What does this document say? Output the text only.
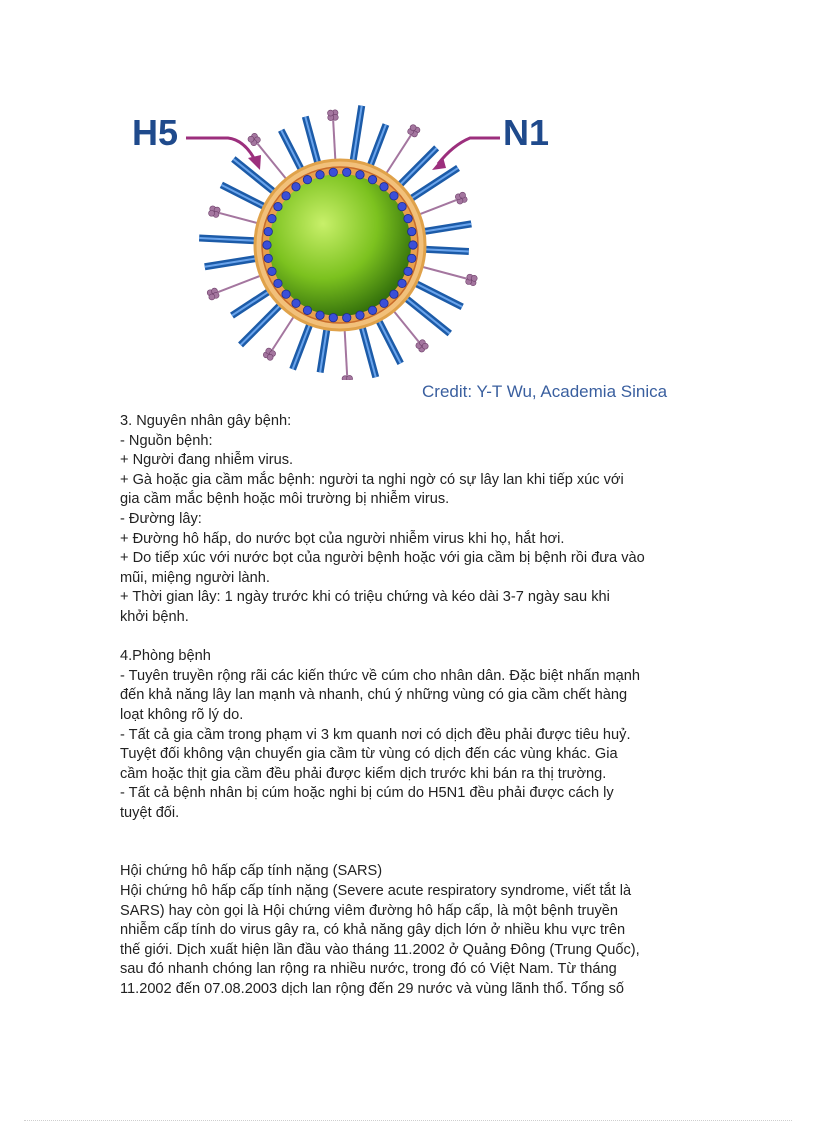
H5	N1
Credit: Y-T Wu, Academia Sinica

3. Nguyên nhân gây bệnh:

- Nguồn bệnh:

+ Người đang nhiễm virus.

+ Gà hoặc gia cầm mắc bệnh: người ta nghi ngờ có sự lây lan khi tiếp xúc với

gia cầm mắc bệnh hoặc môi trường bị nhiễm virus.

- Đường lây:

+ Đường hô hấp, do nước bọt của người nhiễm virus khi họ, hắt hơi.

+ Do tiếp xúc với nước bọt của người bệnh hoặc với gia cầm bị bệnh rồi đưa vào

mũi, miệng người lành.

+ Thời gian lây: 1 ngày trước khi có triệu chứng và kéo dài 3-7 ngày sau khi

khởi bệnh.

4.Phòng bệnh

- Tuyên truyền rộng rãi các kiến thức về cúm cho nhân dân. Đặc biệt nhấn mạnh

đến khả năng lây lan mạnh và nhanh, chú ý những vùng có gia cầm chết hàng

loạt không rõ lý do.

- Tất cả gia cầm trong phạm vi 3 km quanh nơi có dịch đều phải được tiêu huỷ.

Tuyệt đối không vận chuyển gia cầm từ vùng có dịch đến các vùng khác. Gia

cầm hoặc thịt gia cầm đều phải được kiểm dịch trước khi bán ra thị trường.

- Tất cả bệnh nhân bị cúm hoặc nghi bị cúm do H5N1 đều phải được cách ly

tuyệt đối.

Hội chứng hô hấp cấp tính nặng (SARS)

Hội chứng hô hấp cấp tính nặng (Severe acute respiratory syndrome, viết tắt là

SARS) hay còn gọi là Hội chứng viêm đường hô hấp cấp, là một bệnh truyền

nhiễm cấp tính do virus gây ra, có khả năng gây dịch lớn ở nhiều khu vực trên

thế giới. Dịch xuất hiện lần đầu vào tháng 11.2002 ở Quảng Đông (Trung Quốc),

sau đó nhanh chóng lan rộng ra nhiều nước, trong đó có Việt Nam. Từ tháng

11.2002 đến 07.08.2003 dịch lan rộng đến 29 nước và vùng lãnh thổ. Tổng số
